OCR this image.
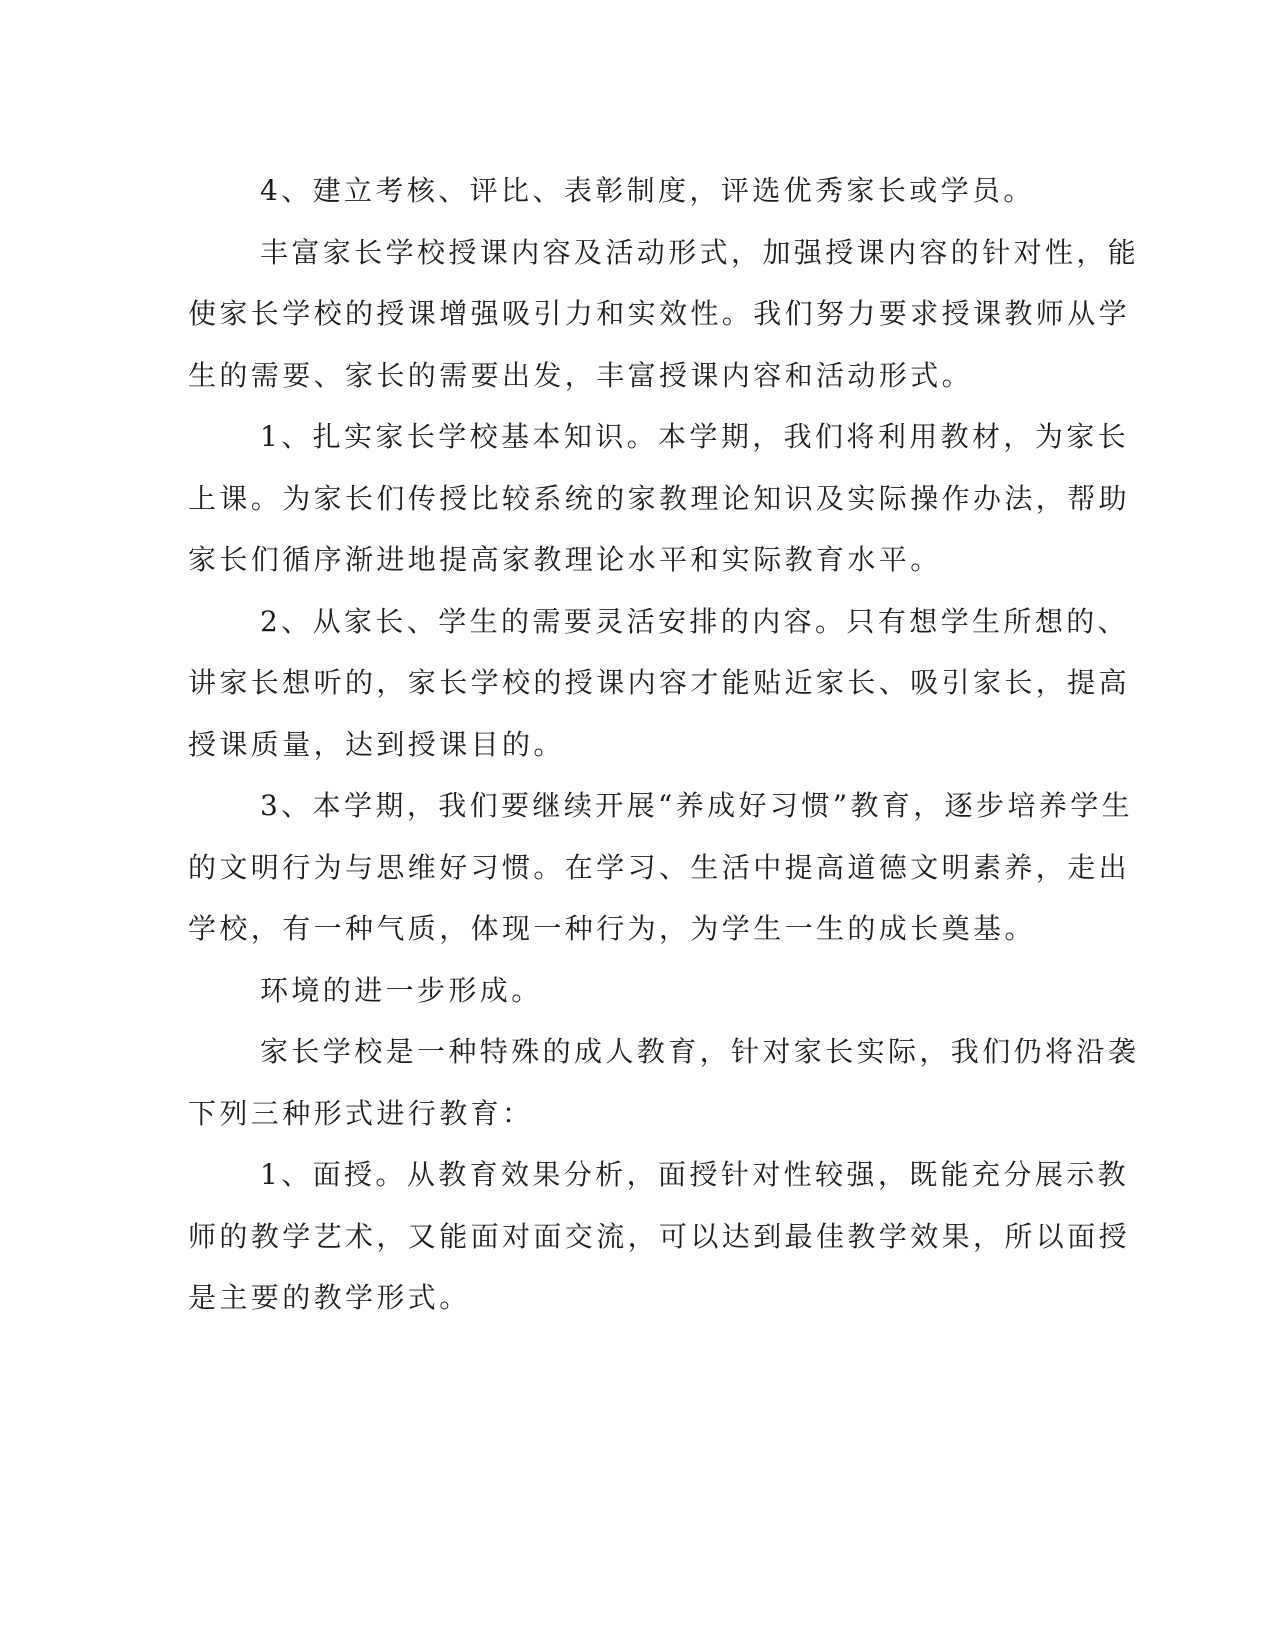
4、建立考核、评比、表彰制度，评选优秀家长或学员。
丰富家长学校授课内容及活动形式，加强授课内容的针对性，能
使家长学校的授课增强吸引力和实效性。我们努力要求授课教师从学
生的需要、家长的需要出发，丰富授课内容和活动形式。
1、扎实家长学校基本知识。本学期，我们将利用教材，为家长
上课。为家长们传授比较系统的家教理论知识及实际操作办法，帮助
家长们循序渐进地提高家教理论水平和实际教育水平。
2、从家长、学生的需要灵活安排的内容。只有想学生所想的、
讲家长想听的，家长学校的授课内容才能贴近家长、吸引家长，提高
授课质量，达到授课目的。
3、本学期，我们要继续开展“养成好习惯”教育，逐步培养学生
的文明行为与思维好习惯。在学习、生活中提高道德文明素养，走出
学校，有一种气质，体现一种行为，为学生一生的成长奠基。
环境的进一步形成。
家长学校是一种特殊的成人教育，针对家长实际，我们仍将沿袭
下列三种形式进行教育：
1、面授。从教育效果分析，面授针对性较强，既能充分展示教
师的教学艺术，又能面对面交流，可以达到最佳教学效果，所以面授
是主要的教学形式。
